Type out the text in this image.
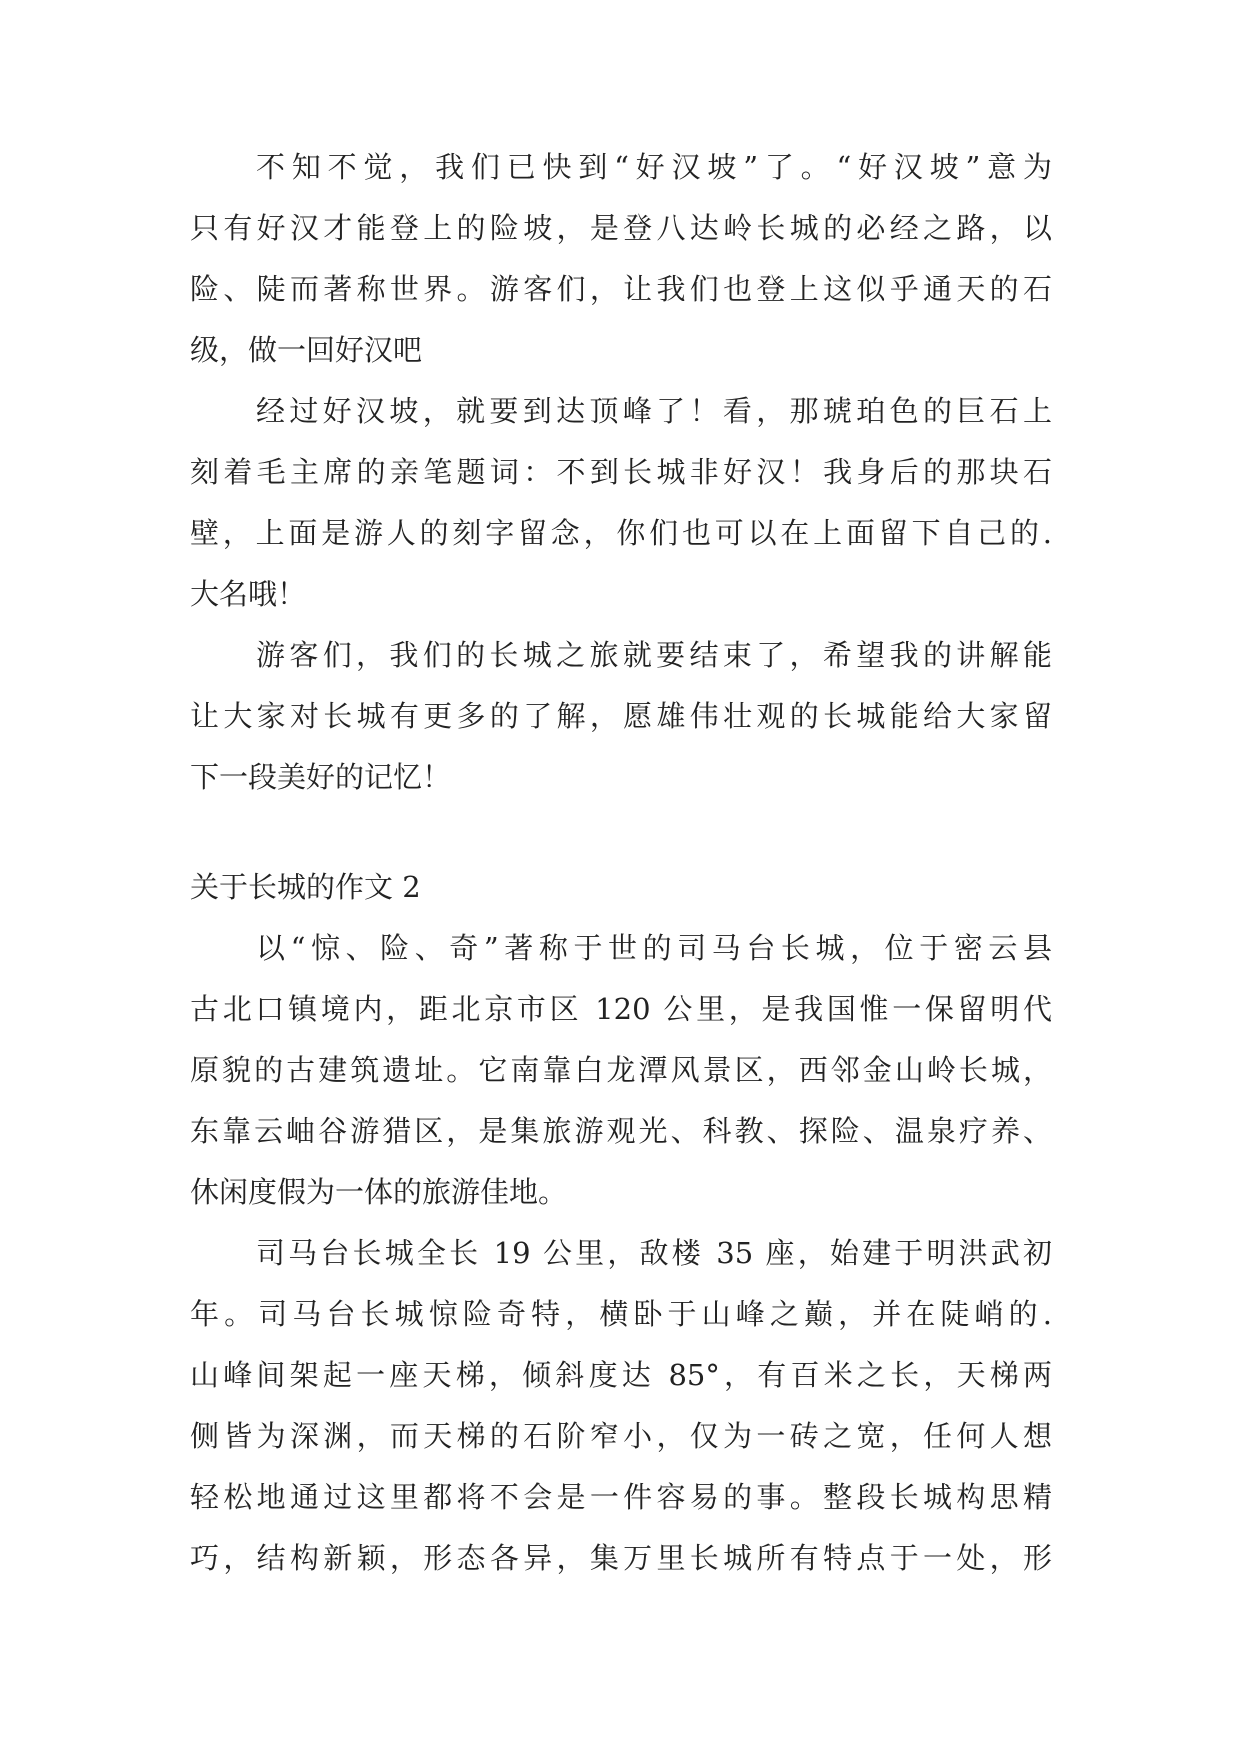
不知不觉，我们已快到“好汉坡”了。“好汉坡”意为
只有好汉才能登上的险坡，是登八达岭长城的必经之路，以
险、陡而著称世界。游客们，让我们也登上这似乎通天的石
级，做一回好汉吧
经过好汉坡，就要到达顶峰了！看，那琥珀色的巨石上
刻着毛主席的亲笔题词：不到长城非好汉！我身后的那块石
壁，上面是游人的刻字留念，你们也可以在上面留下自己的.
大名哦！
游客们，我们的长城之旅就要结束了，希望我的讲解能
让大家对长城有更多的了解，愿雄伟壮观的长城能给大家留
下一段美好的记忆！
关于长城的作文 2
以“惊、险、奇”著称于世的司马台长城，位于密云县
古北口镇境内，距北京市区 120 公里，是我国惟一保留明代
原貌的古建筑遗址。它南靠白龙潭风景区，西邻金山岭长城，
东靠云岫谷游猎区，是集旅游观光、科教、探险、温泉疗养、
休闲度假为一体的旅游佳地。
司马台长城全长 19 公里，敌楼 35 座，始建于明洪武初
年。司马台长城惊险奇特，横卧于山峰之巅，并在陡峭的.
山峰间架起一座天梯，倾斜度达 85°，有百米之长，天梯两
侧皆为深渊，而天梯的石阶窄小，仅为一砖之宽，任何人想
轻松地通过这里都将不会是一件容易的事。整段长城构思精
巧，结构新颖，形态各异，集万里长城所有特点于一处，形
